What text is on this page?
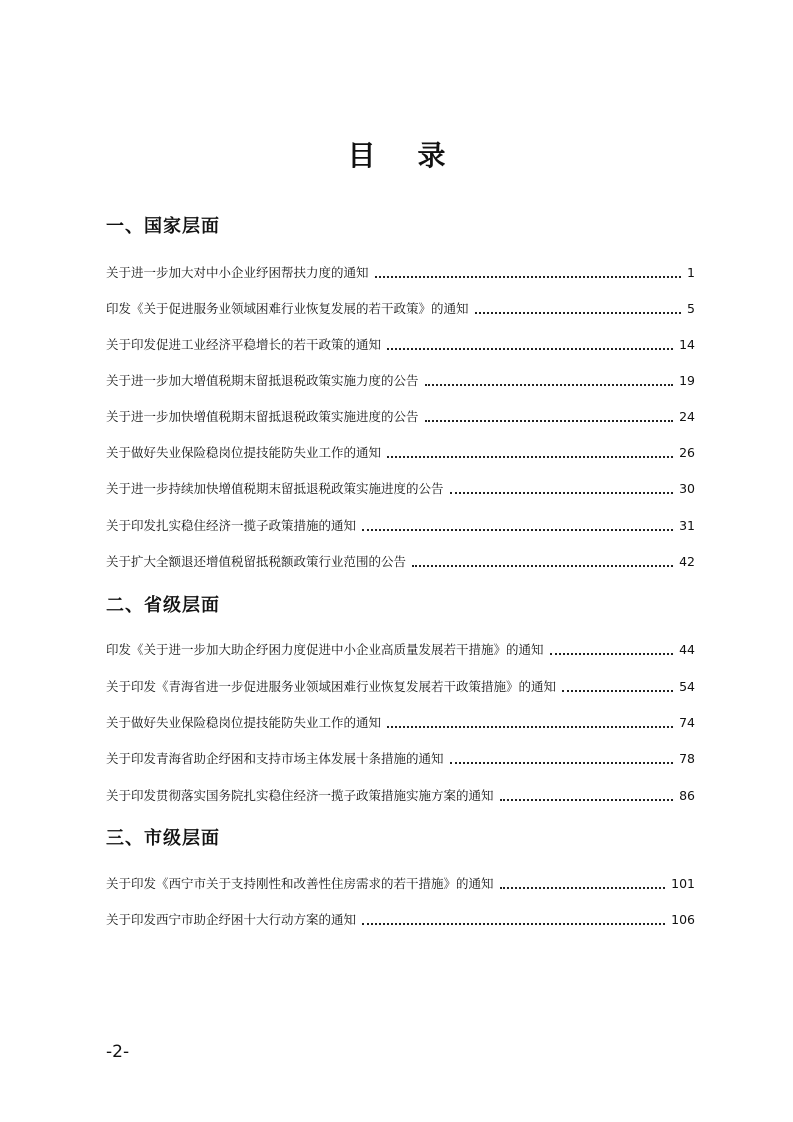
目 录
一、国家层面
关于进一步加大对中小企业纾困帮扶力度的通知	1
印发《关于促进服务业领域困难行业恢复发展的若干政策》的通知	5
关于印发促进工业经济平稳增长的若干政策的通知	14
关于进一步加大增值税期末留抵退税政策实施力度的公告	19
关于进一步加快增值税期末留抵退税政策实施进度的公告	24
关于做好失业保险稳岗位提技能防失业工作的通知	26
关于进一步持续加快增值税期末留抵退税政策实施进度的公告	30
关于印发扎实稳住经济一揽子政策措施的通知	31
关于扩大全额退还增值税留抵税额政策行业范围的公告	42
二、省级层面
印发《关于进一步加大助企纾困力度促进中小企业高质量发展若干措施》的通知	44
关于印发《青海省进一步促进服务业领域困难行业恢复发展若干政策措施》的通知	54
关于做好失业保险稳岗位提技能防失业工作的通知	74
关于印发青海省助企纾困和支持市场主体发展十条措施的通知	78
关于印发贯彻落实国务院扎实稳住经济一揽子政策措施实施方案的通知	86
三、市级层面
关于印发《西宁市关于支持刚性和改善性住房需求的若干措施》的通知	101
关于印发西宁市助企纾困十大行动方案的通知	106
-2-
